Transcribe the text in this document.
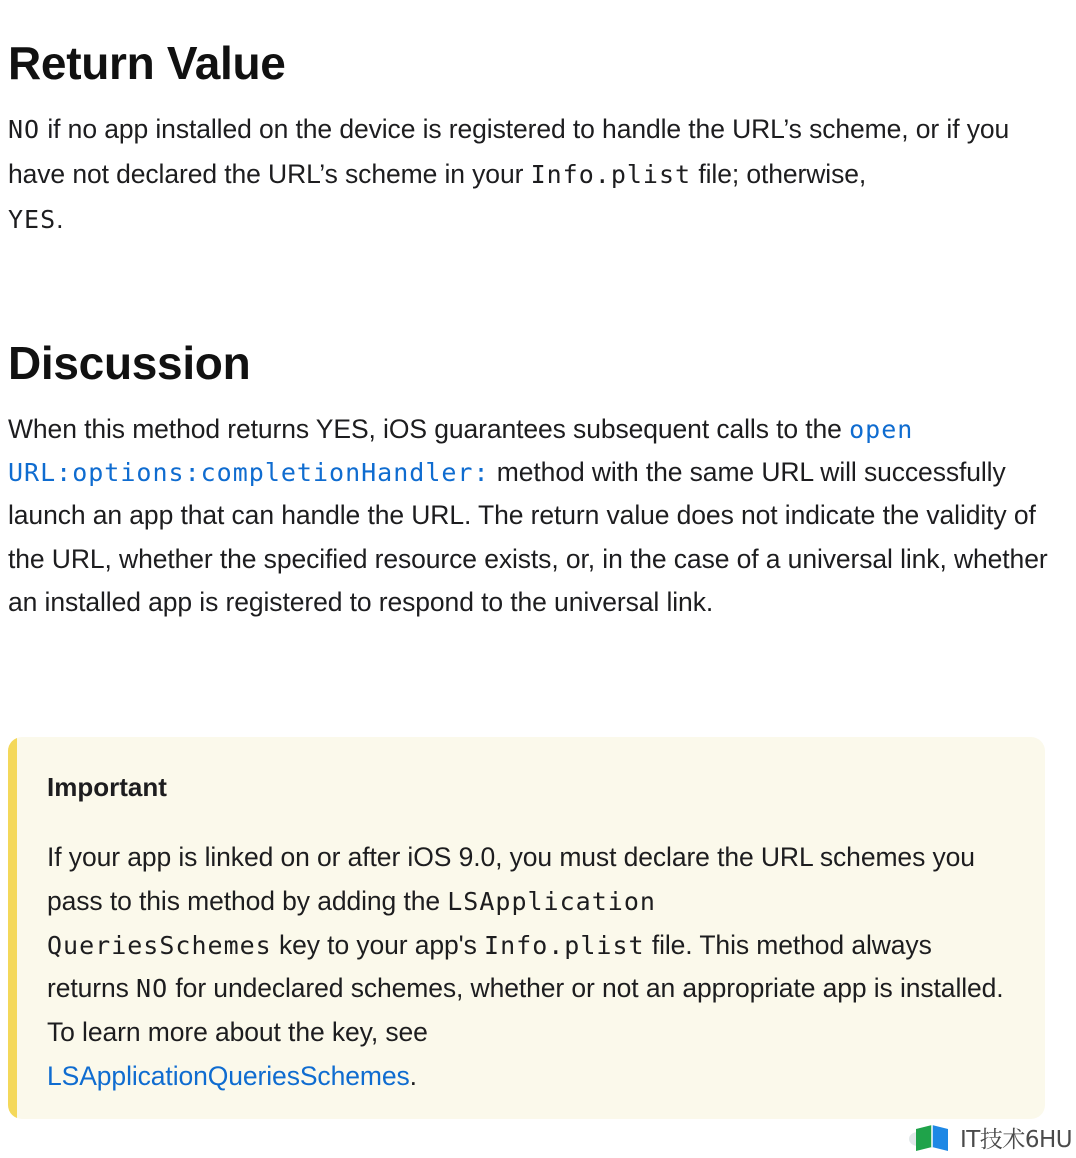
Return Value

NO if no app installed on the device is registered to handle the URL’s scheme, or if you have not declared the URL’s scheme in your Info.plist file; otherwise,
YES.

Discussion

When this method returns YES, iOS guarantees subsequent calls to the open
URL:options:completionHandler: method with the same URL will successfully launch an app that can handle the URL. The return value does not indicate the validity of the URL, whether the specified resource exists, or, in the case of a universal link, whether an installed app is registered to respond to the universal link.

Important

If your app is linked on or after iOS 9.0, you must declare the URL schemes you pass to this method by adding the LSApplication
QueriesSchemes key to your app's Info.plist file. This method always returns NO for undeclared schemes, whether or not an appropriate app is installed. To learn more about the key, see
LSApplicationQueriesSchemes.

IT技术6HU
